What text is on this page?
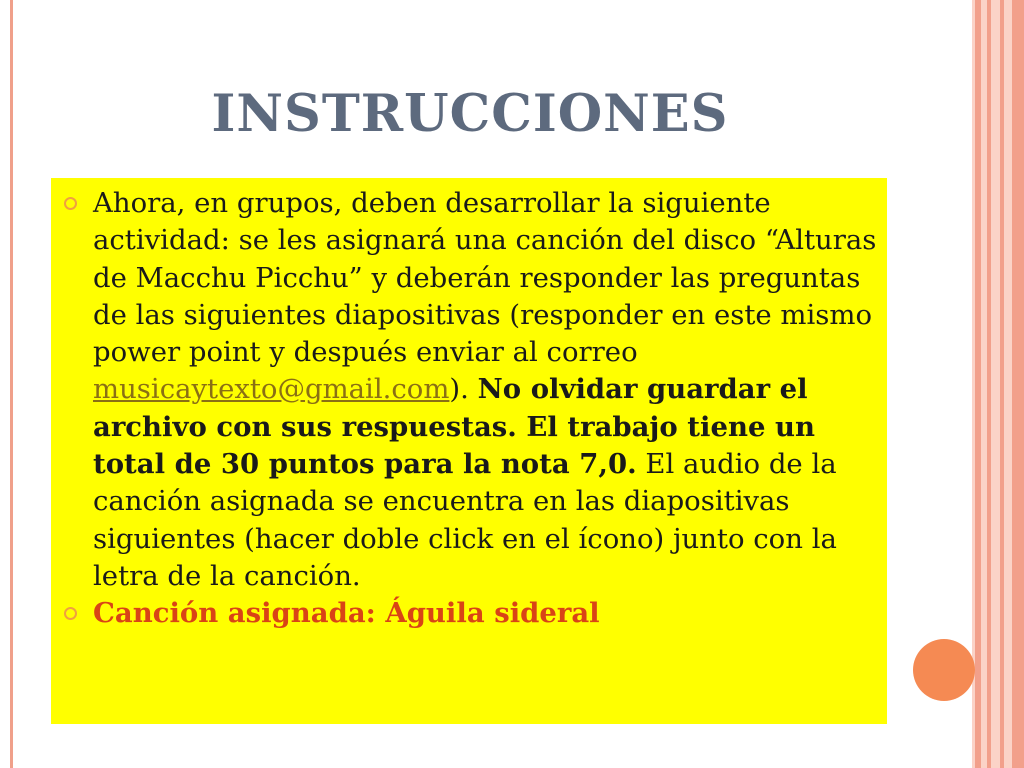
INSTRUCCIONES
Ahora, en grupos, deben desarrollar la siguiente actividad: se les asignará una canción del disco “Alturas de Macchu Picchu” y deberán responder las preguntas de las siguientes diapositivas (responder en este mismo power point y después enviar al correo musicaytexto@gmail.com). No olvidar guardar el archivo con sus respuestas. El trabajo tiene un total de 30 puntos para la nota 7,0. El audio de la canción asignada se encuentra en las diapositivas siguientes (hacer doble click en el ícono) junto con la letra de la canción.
Canción asignada: Águila sideral
